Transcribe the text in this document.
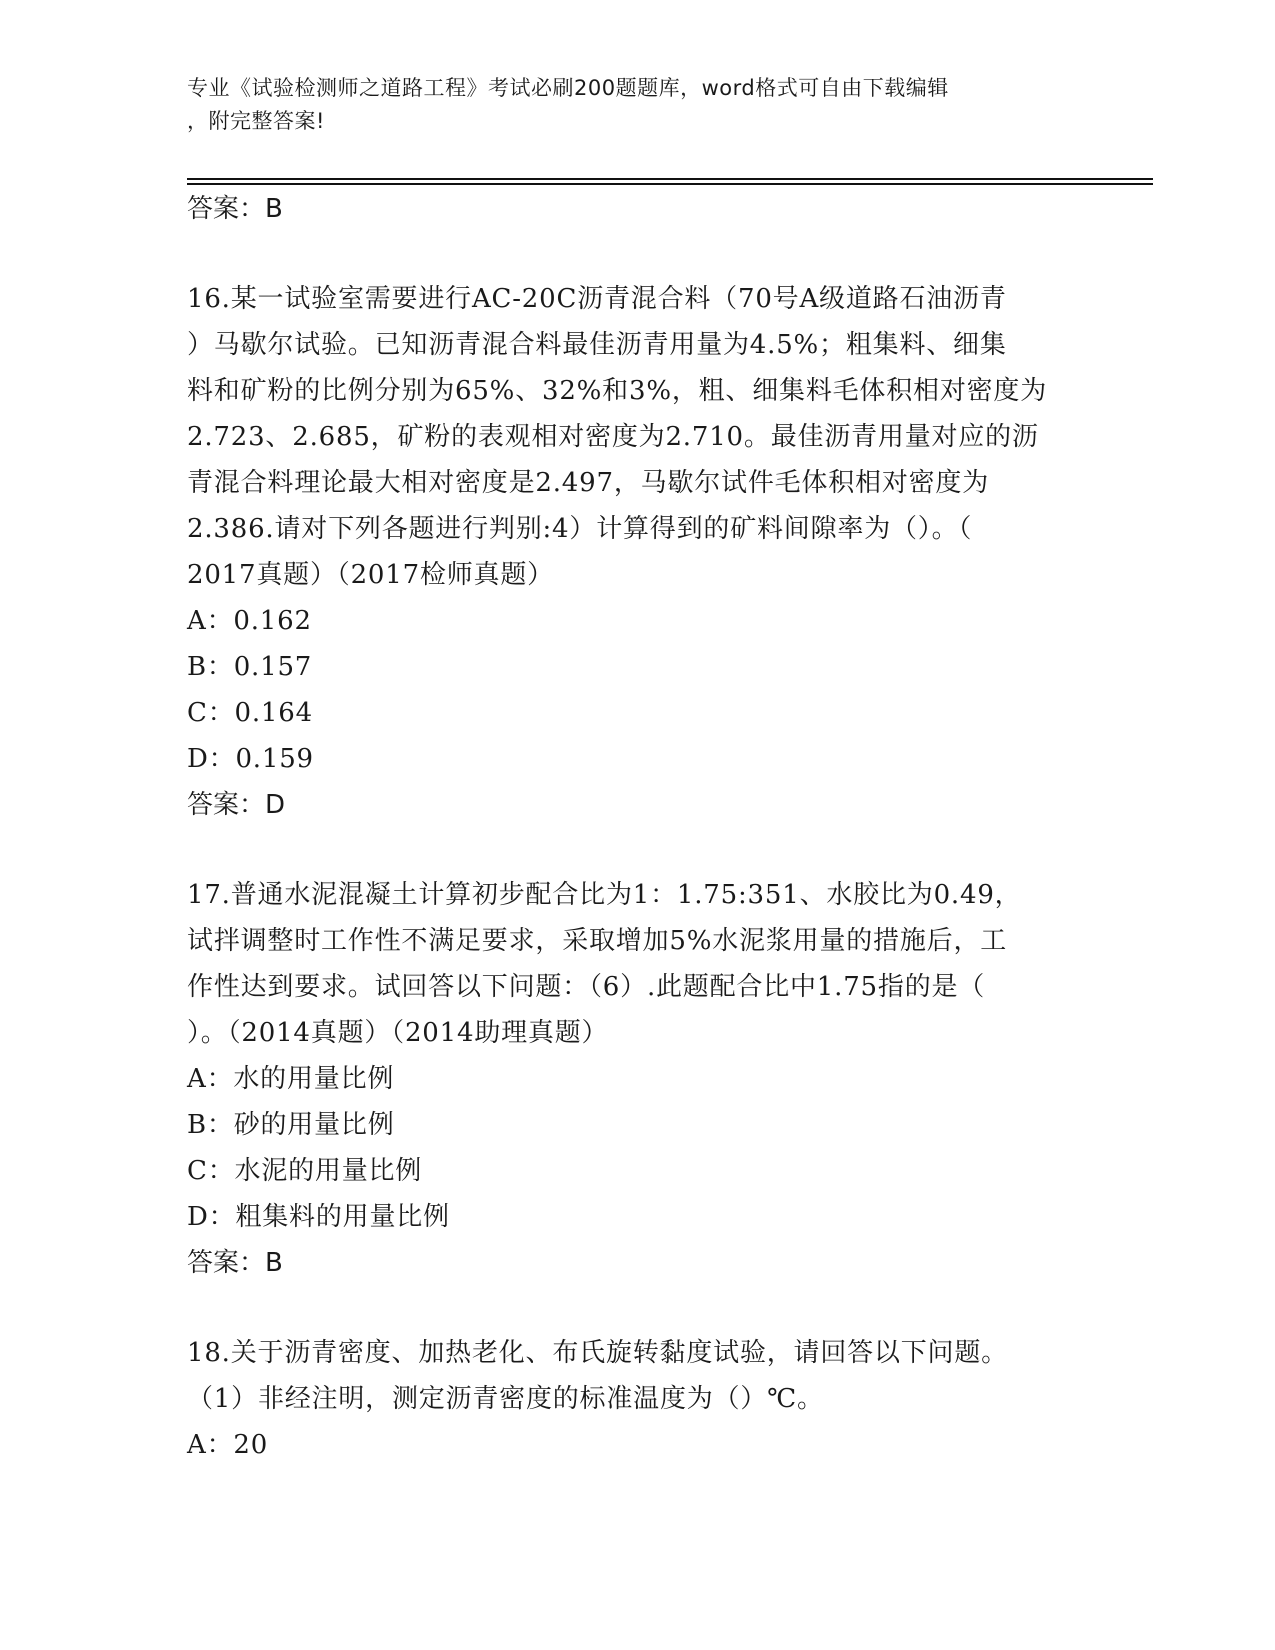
专业《试验检测师之道路工程》考试必刷200题题库，word格式可自由下载编辑
，附完整答案!
答案：B
16.某一试验室需要进行AC-20C沥青混合料（70号A级道路石油沥青
）马歇尔试验。已知沥青混合料最佳沥青用量为4.5%；粗集料、细集
料和矿粉的比例分别为65%、32%和3%，粗、细集料毛体积相对密度为
2.723、2.685，矿粉的表观相对密度为2.710。最佳沥青用量对应的沥
青混合料理论最大相对密度是2.497，马歇尔试件毛体积相对密度为
2.386.请对下列各题进行判别:4）计算得到的矿料间隙率为（）。（
2017真题）（2017检师真题）
A：0.162
B：0.157
C：0.164
D：0.159
答案：D
17.普通水泥混凝土计算初步配合比为1：1.75:351、水胶比为0.49，
试拌调整时工作性不满足要求，采取增加5%水泥浆用量的措施后，工
作性达到要求。试回答以下问题：（6）.此题配合比中1.75指的是（
）。（2014真题）（2014助理真题）
A：水的用量比例
B：砂的用量比例
C：水泥的用量比例
D：粗集料的用量比例
答案：B
18.关于沥青密度、加热老化、布氏旋转黏度试验，请回答以下问题。
（1）非经注明，测定沥青密度的标准温度为（）℃。
A：20
